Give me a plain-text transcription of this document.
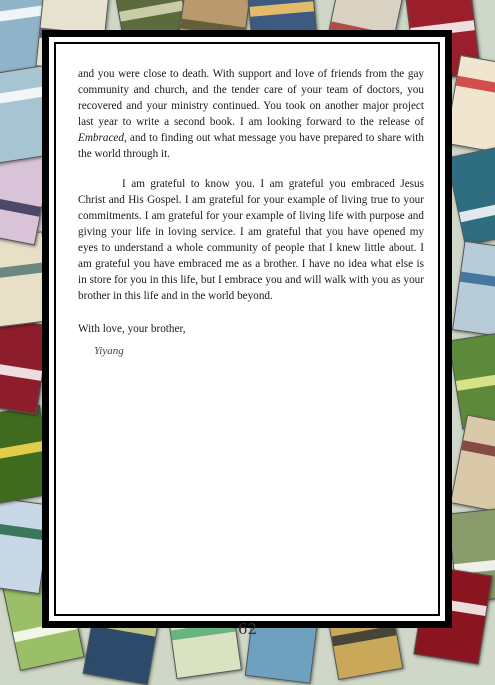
and you were close to death. With support and love of friends from the gay community and church, and the tender care of your team of doctors, you recovered and your ministry continued. You took on another major project last year to write a second book. I am looking forward to the release of Embraced, and to finding out what message you have prepared to share with the world through it.

I am grateful to know you. I am grateful you embraced Jesus Christ and His Gospel. I am grateful for your example of living true to your commitments. I am grateful for your example of living life with purpose and giving your life in loving service. I am grateful that you have opened my eyes to understand a whole community of people that I knew little about. I am grateful you have embraced me as a brother. I have no idea what else is in store for you in this life, but I embrace you and will walk with you as your brother in this life and in the world beyond.

With love, your brother,
Yiyang
62
